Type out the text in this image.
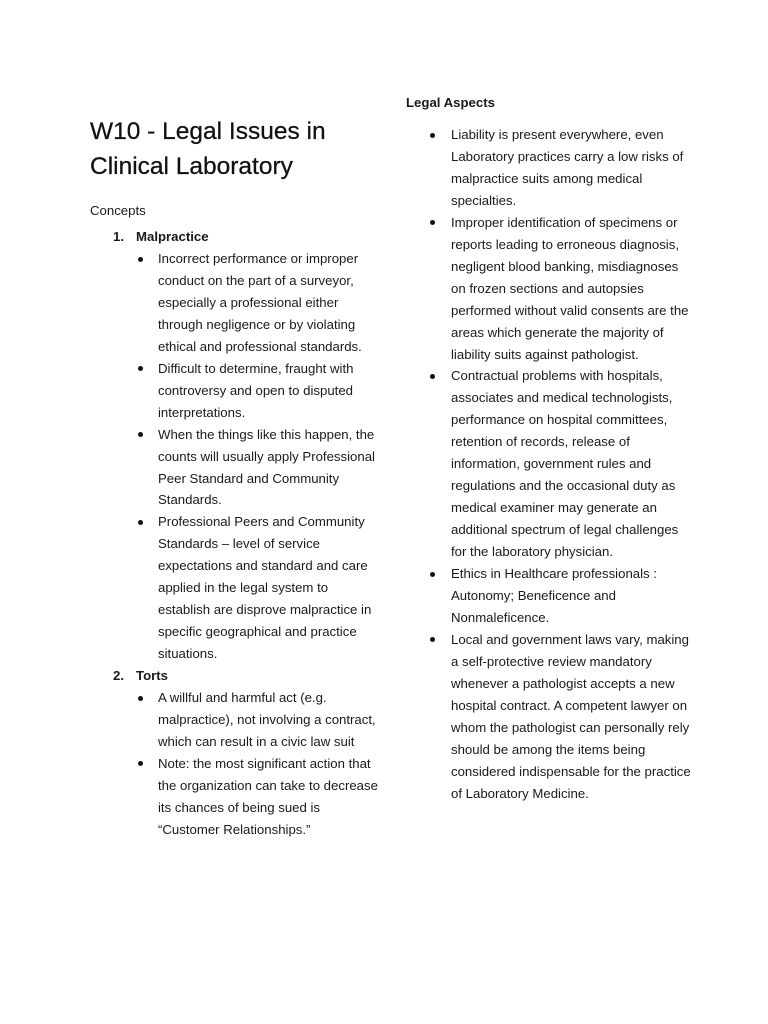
W10 - Legal Issues in
Clinical Laboratory
Concepts
1. Malpractice
Incorrect performance or improper conduct on the part of a surveyor, especially a professional either through negligence or by violating ethical and professional standards.
Difficult to determine, fraught with controversy and open to disputed interpretations.
When the things like this happen, the counts will usually apply Professional Peer Standard and Community Standards.
Professional Peers and Community Standards – level of service expectations and standard and care applied in the legal system to establish are disprove malpractice in specific geographical and practice situations.
2. Torts
A willful and harmful act (e.g. malpractice), not involving a contract, which can result in a civic law suit
Note: the most significant action that the organization can take to decrease its chances of being sued is “Customer Relationships.”
Legal Aspects
Liability is present everywhere, even Laboratory practices carry a low risks of malpractice suits among medical specialties.
Improper identification of specimens or reports leading to erroneous diagnosis, negligent blood banking, misdiagnoses on frozen sections and autopsies performed without valid consents are the areas which generate the majority of liability suits against pathologist.
Contractual problems with hospitals, associates and medical technologists, performance on hospital committees, retention of records, release of information, government rules and regulations and the occasional duty as medical examiner may generate an additional spectrum of legal challenges for the laboratory physician.
Ethics in Healthcare professionals : Autonomy; Beneficence and Nonmaleficence.
Local and government laws vary, making a self-protective review mandatory whenever a pathologist accepts a new hospital contract. A competent lawyer on whom the pathologist can personally rely should be among the items being considered indispensable for the practice of Laboratory Medicine.
